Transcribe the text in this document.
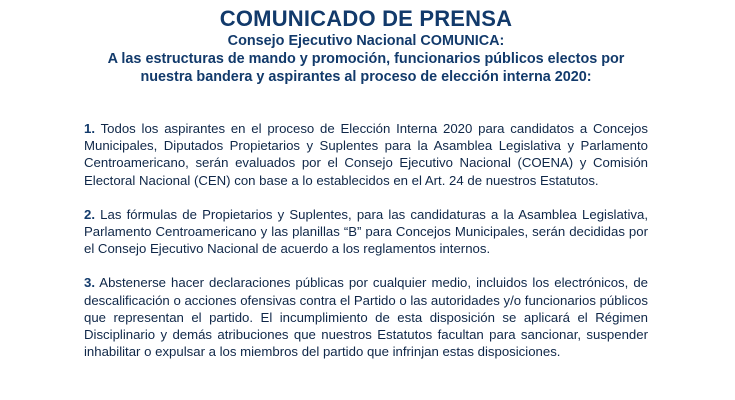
COMUNICADO DE PRENSA

Consejo Ejecutivo Nacional COMUNICA:

A las estructuras de mando y promoción, funcionarios públicos electos por

nuestra bandera y aspirantes al proceso de elección interna 2020:

1. Todos los aspirantes en el proceso de Elección Interna 2020 para candidatos a Concejos Municipales, Diputados Propietarios y Suplentes para la Asamblea Legislativa y Parlamento Centroamericano, serán evaluados por el Consejo Ejecutivo Nacional (COENA) y Comisión Electoral Nacional (CEN) con base a lo establecidos en el Art. 24 de nuestros Estatutos.

2. Las fórmulas de Propietarios y Suplentes, para las candidaturas a la Asamblea Legislativa, Parlamento Centroamericano y las planillas “B” para Concejos Municipales, serán decididas por el Consejo Ejecutivo Nacional de acuerdo a los reglamentos internos.

3. Abstenerse hacer declaraciones públicas por cualquier medio, incluidos los electrónicos, de descalificación o acciones ofensivas contra el Partido o las autoridades y/o funcionarios públicos que representan el partido. El incumplimiento de esta disposición se aplicará el Régimen Disciplinario y demás atribuciones que nuestros Estatutos facultan para sancionar, suspender inhabilitar o expulsar a los miembros del partido que infrinjan estas disposiciones.
